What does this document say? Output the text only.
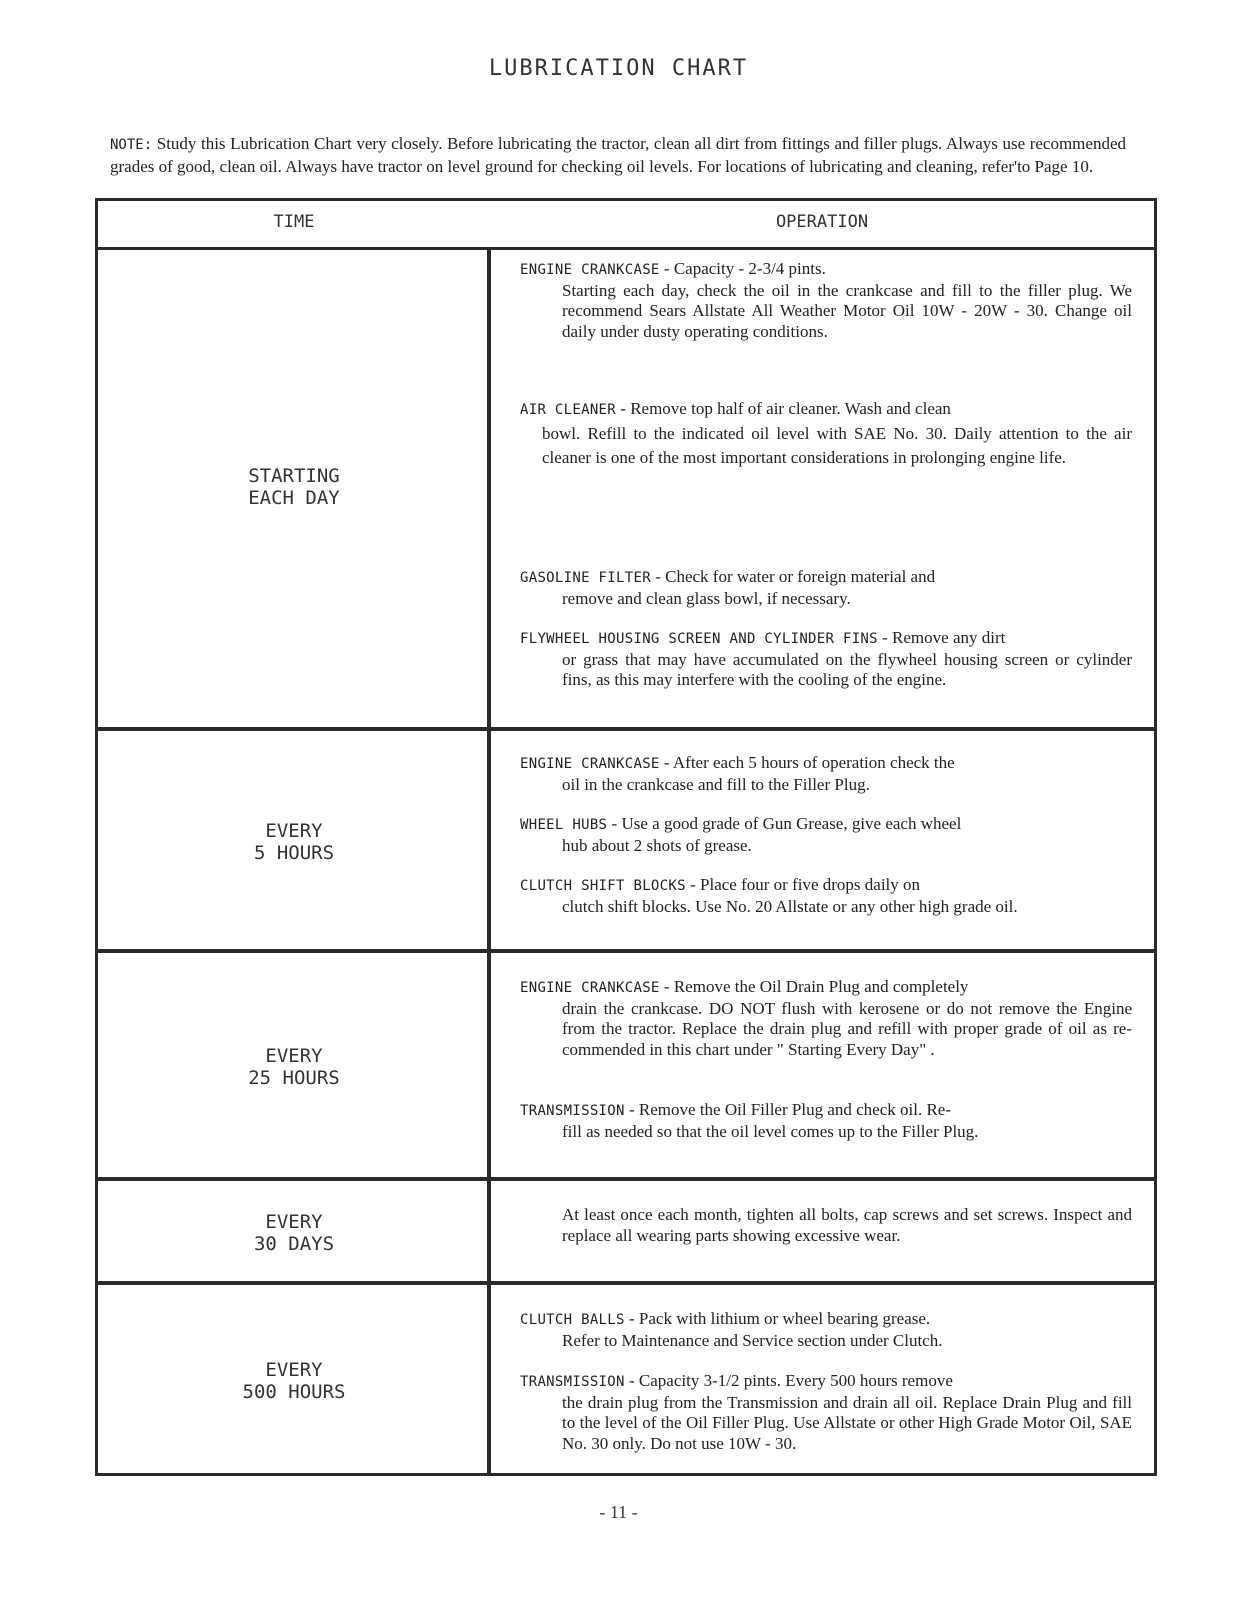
LUBRICATION CHART
NOTE: Study this Lubrication Chart very closely. Before lubricating the tractor, clean all dirt from fittings and filler plugs. Always use recommended grades of good, clean oil. Always have tractor on level ground for checking oil levels. For locations of lubricating and cleaning, refer'to Page 10.
TIME	OPERATION
STARTING
EACH DAY
ENGINE CRANKCASE - Capacity - 2-3/4 pints.
Starting each day, check the oil in the crankcase and fill to the filler plug. We recommend Sears Allstate All Weather Motor Oil 10W - 20W - 30. Change oil daily under dusty operating conditions.
AIR CLEANER - Remove top half of air cleaner. Wash and clean
bowl. Refill to the indicated oil level with SAE No. 30. Daily attention to the air cleaner is one of the most important considerations in prolonging engine life.
GASOLINE FILTER - Check for water or foreign material and
remove and clean glass bowl, if necessary.
FLYWHEEL HOUSING SCREEN AND CYLINDER FINS - Remove any dirt
or grass that may have accumulated on the flywheel housing screen or cylinder fins, as this may interfere with the cooling of the engine.
EVERY
5 HOURS
ENGINE CRANKCASE - After each 5 hours of operation check the
oil in the crankcase and fill to the Filler Plug.
WHEEL HUBS - Use a good grade of Gun Grease, give each wheel
hub about 2 shots of grease.
CLUTCH SHIFT BLOCKS - Place four or five drops daily on
clutch shift blocks. Use No. 20 Allstate or any other high grade oil.
EVERY
25 HOURS
ENGINE CRANKCASE - Remove the Oil Drain Plug and completely
drain the crankcase. DO NOT flush with kerosene or do not remove the Engine from the tractor. Replace the drain plug and refill with proper grade of oil as re-commended in this chart under " Starting Every Day" .
TRANSMISSION - Remove the Oil Filler Plug and check oil. Re-
fill as needed so that the oil level comes up to the Filler Plug.
EVERY
30 DAYS
At least once each month, tighten all bolts, cap screws and set screws. Inspect and replace all wearing parts showing excessive wear.
EVERY
500 HOURS
CLUTCH BALLS - Pack with lithium or wheel bearing grease.
Refer to Maintenance and Service section under Clutch.
TRANSMISSION - Capacity 3-1/2 pints. Every 500 hours remove
the drain plug from the Transmission and drain all oil. Replace Drain Plug and fill to the level of the Oil Filler Plug. Use Allstate or other High Grade Motor Oil, SAE No. 30 only. Do not use 10W - 30.
- 11 -
